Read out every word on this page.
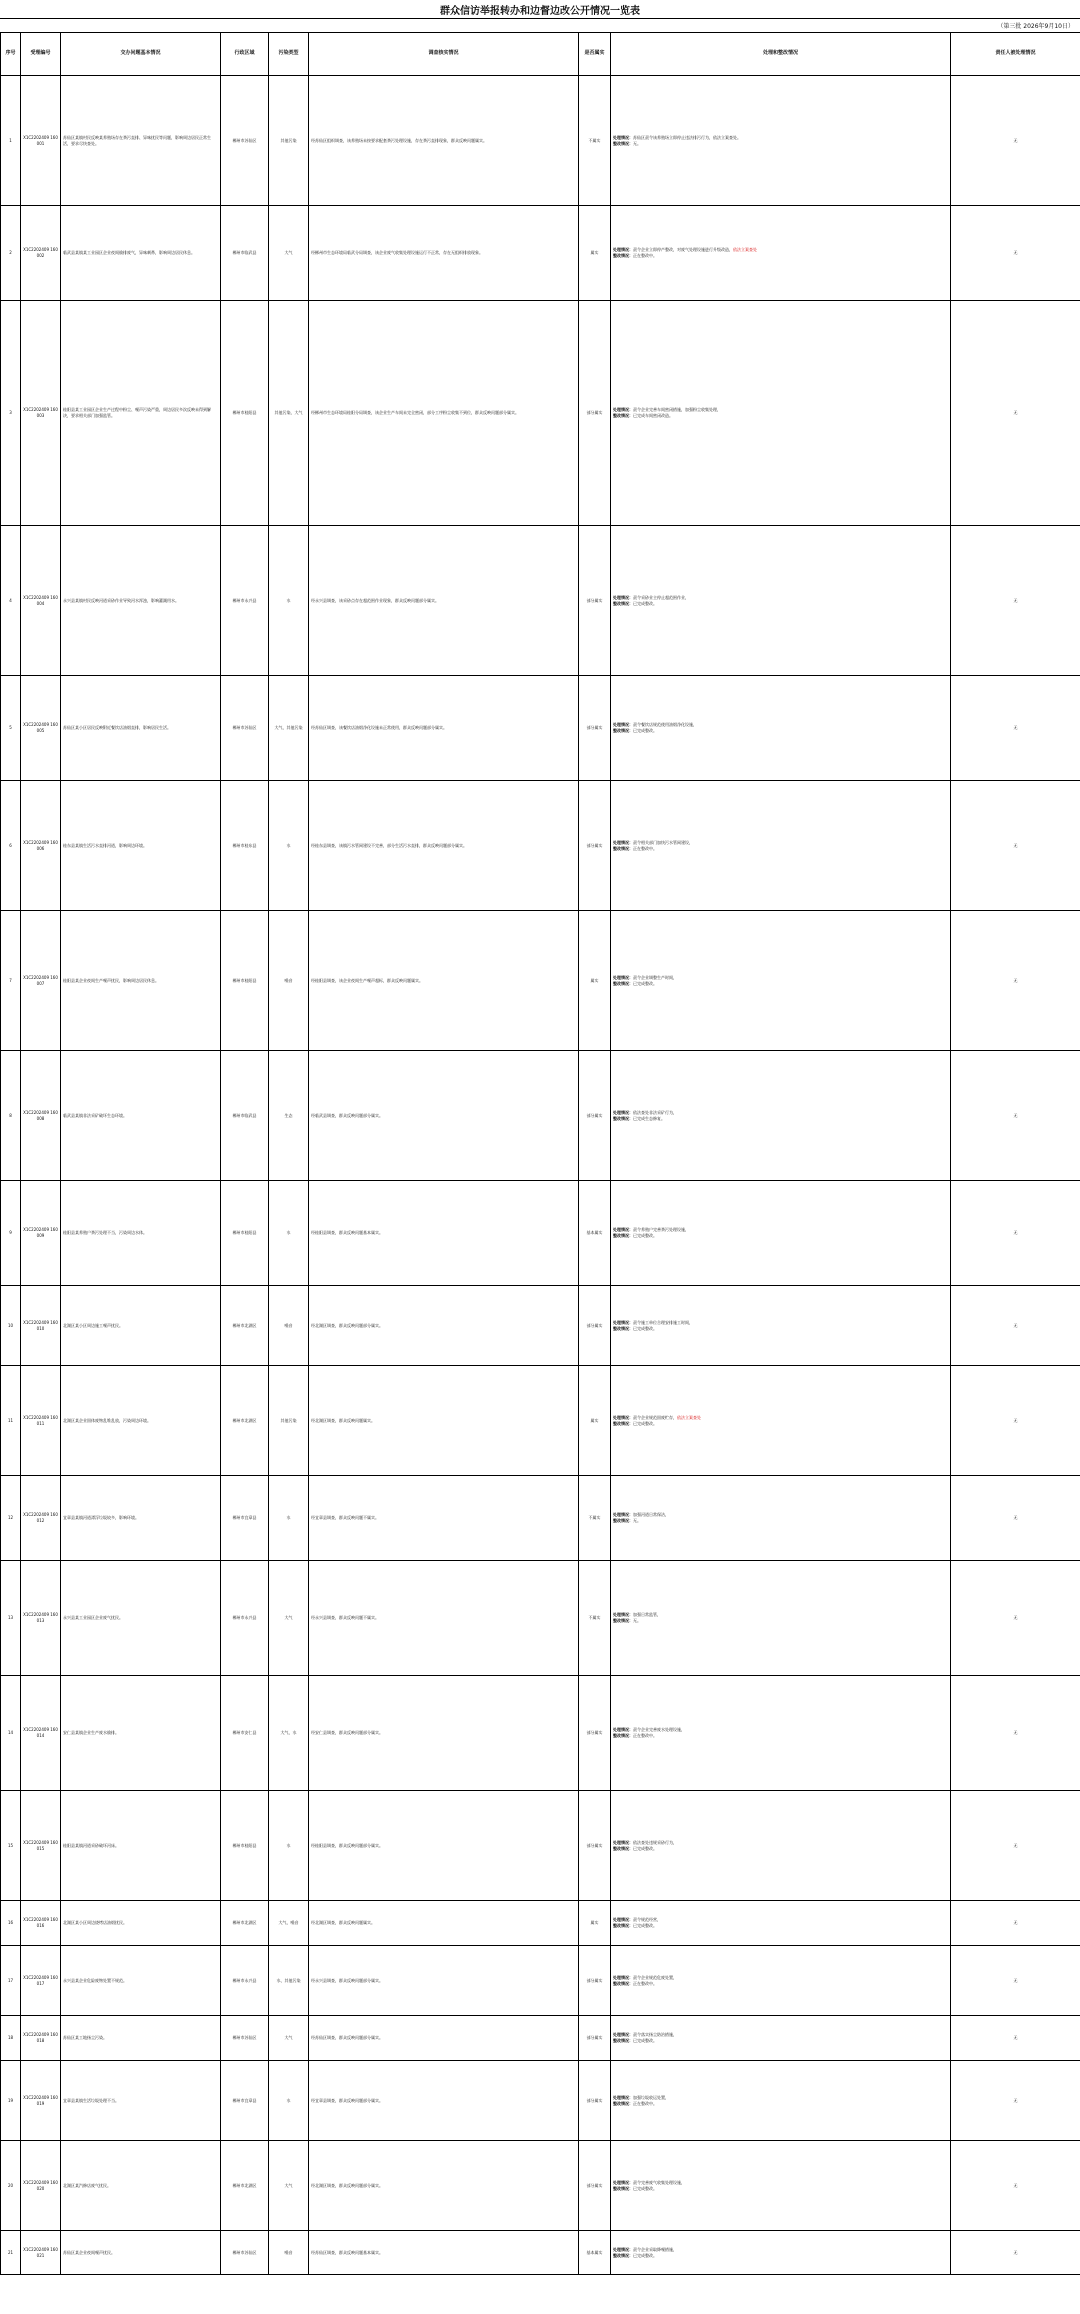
群众信访举报转办和边督边改公开情况一览表
（第三批 2026年9月10日）
序号	受理编号	交办问题基本情况	行政区域	污染类型	调查核实情况	是否属实	处理和整改情况	责任人被处理情况
1	X1C2202409 160001	苏仙区某镇村民反映某养殖场存在粪污直排、异味扰民等问题，影响周边居民正常生活，要求尽快查处。	郴州市苏仙区	其他污染	经苏仙区组织调查，该养殖场未按要求配套粪污处理设施，存在粪污直排现象，群众反映问题属实。	不属实	处理情况：苏仙区责令该养殖场立即停止违法排污行为，依法立案查处。
整改情况：无。	无
2	X1C2202409 160002	临武县某镇某工业园区企业夜间偷排废气，异味刺鼻，影响周边居民休息。	郴州市临武县	大气	经郴州市生态环境局临武分局调查，该企业废气收集处理设施运行不正常，存在无组织排放现象。	属实	处理情况：责令企业立即停产整改，对废气处理设施进行升级改造，依法立案查处
整改情况：正在整改中。	无
3	X1C2202409 160003	桂阳县某工业园区企业生产过程中粉尘、噪声污染严重，周边居民多次反映未得到解决，要求相关部门加强监管。	郴州市桂阳县	其他污染、大气	经郴州市生态环境局桂阳分局调查，该企业生产车间未完全密闭，部分工序粉尘收集不到位，群众反映问题部分属实。	部分属实	处理情况：责令企业完善车间密闭措施，加强粉尘收集处理，
整改情况：已完成车间密闭改造。	无
4	X1C2202409 160004	永兴县某镇村民反映河道采砂作业导致河水浑浊，影响灌溉用水。	郴州市永兴县	水	经永兴县调查，该采砂点存在超范围作业现象，群众反映问题部分属实。	部分属实	处理情况：责令采砂业主停止超范围作业，
整改情况：已完成整改。	无
5	X1C2202409 160005	苏仙区某小区居民反映附近餐饮店油烟直排，影响居民生活。	郴州市苏仙区	大气、其他污染	经苏仙区调查，该餐饮店油烟净化设施未正常使用，群众反映问题部分属实。	部分属实	处理情况：责令餐饮店规范使用油烟净化设施，
整改情况：已完成整改。	无
6	X1C2202409 160006	桂东县某镇生活污水直排河道，影响周边环境。	郴州市桂东县	水	经桂东县调查，该镇污水管网建设不完善，部分生活污水直排，群众反映问题部分属实。	部分属实	处理情况：责令相关部门加快污水管网建设，
整改情况：正在整改中。	无
7	X1C2202409 160007	桂阳县某企业夜间生产噪声扰民，影响周边居民休息。	郴州市桂阳县	噪音	经桂阳县调查，该企业夜间生产噪声超标，群众反映问题属实。	属实	处理情况：责令企业调整生产时间，
整改情况：已完成整改。	无
8	X1C2202409 160008	临武县某镇非法采矿破坏生态环境。	郴州市临武县	生态	经临武县调查，群众反映问题部分属实。	部分属实	处理情况：依法查处非法采矿行为，
整改情况：已完成生态修复。	无
9	X1C2202409 160009	桂阳县某养殖户粪污处理不当，污染周边水体。	郴州市桂阳县	水	经桂阳县调查，群众反映问题基本属实。	基本属实	处理情况：责令养殖户完善粪污处理设施，
整改情况：已完成整改。	无
10	X1C2202409 160010	北湖区某小区周边施工噪声扰民。	郴州市北湖区	噪音	经北湖区调查，群众反映问题部分属实。	部分属实	处理情况：责令施工单位合理安排施工时间，
整改情况：已完成整改。	无
11	X1C2202409 160011	北湖区某企业固体废物乱堆乱放，污染周边环境。	郴州市北湖区	其他污染	经北湖区调查，群众反映问题属实。	属实	处理情况：责令企业规范固废贮存，依法立案查处
整改情况：已完成整改。	无
12	X1C2202409 160012	宜章县某镇河道漂浮垃圾较多，影响环境。	郴州市宜章县	水	经宜章县调查，群众反映问题不属实。	不属实	处理情况：加强河道日常保洁，
整改情况：无。	无
13	X1C2202409 160013	永兴县某工业园区企业废气扰民。	郴州市永兴县	大气	经永兴县调查，群众反映问题不属实。	不属实	处理情况：加强日常监管，
整改情况：无。	无
14	X1C2202409 160014	安仁县某镇企业生产废水偷排。	郴州市安仁县	大气、水	经安仁县调查，群众反映问题部分属实。	部分属实	处理情况：责令企业完善废水处理设施，
整改情况：正在整改中。	无
15	X1C2202409 160015	桂阳县某镇河道采砂破坏河床。	郴州市桂阳县	水	经桂阳县调查，群众反映问题部分属实。	部分属实	处理情况：依法查处违规采砂行为，
整改情况：已完成整改。	无
16	X1C2202409 160016	北湖区某小区周边烧烤店油烟扰民。	郴州市北湖区	大气、噪音	经北湖区调查，群众反映问题属实。	属实	处理情况：责令规范经营，
整改情况：已完成整改。	无
17	X1C2202409 160017	永兴县某企业危险废物处置不规范。	郴州市永兴县	水、其他污染	经永兴县调查，群众反映问题部分属实。	部分属实	处理情况：责令企业规范危废处置，
整改情况：正在整改中。	无
18	X1C2202409 160018	苏仙区某工地扬尘污染。	郴州市苏仙区	大气	经苏仙区调查，群众反映问题部分属实。	部分属实	处理情况：责令落实扬尘防治措施，
整改情况：已完成整改。	无
19	X1C2202409 160019	宜章县某镇生活垃圾处理不当。	郴州市宜章县	水	经宜章县调查，群众反映问题部分属实。	部分属实	处理情况：加强垃圾收运处置，
整改情况：正在整改中。	无
20	X1C2202409 160020	北湖区某汽修店废气扰民。	郴州市北湖区	大气	经北湖区调查，群众反映问题部分属实。	部分属实	处理情况：责令完善废气收集处理设施，
整改情况：已完成整改。	无
21	X1C2202409 160021	苏仙区某企业夜间噪声扰民。	郴州市苏仙区	噪音	经苏仙区调查，群众反映问题基本属实。	基本属实	处理情况：责令企业采取降噪措施，
整改情况：已完成整改。	无
